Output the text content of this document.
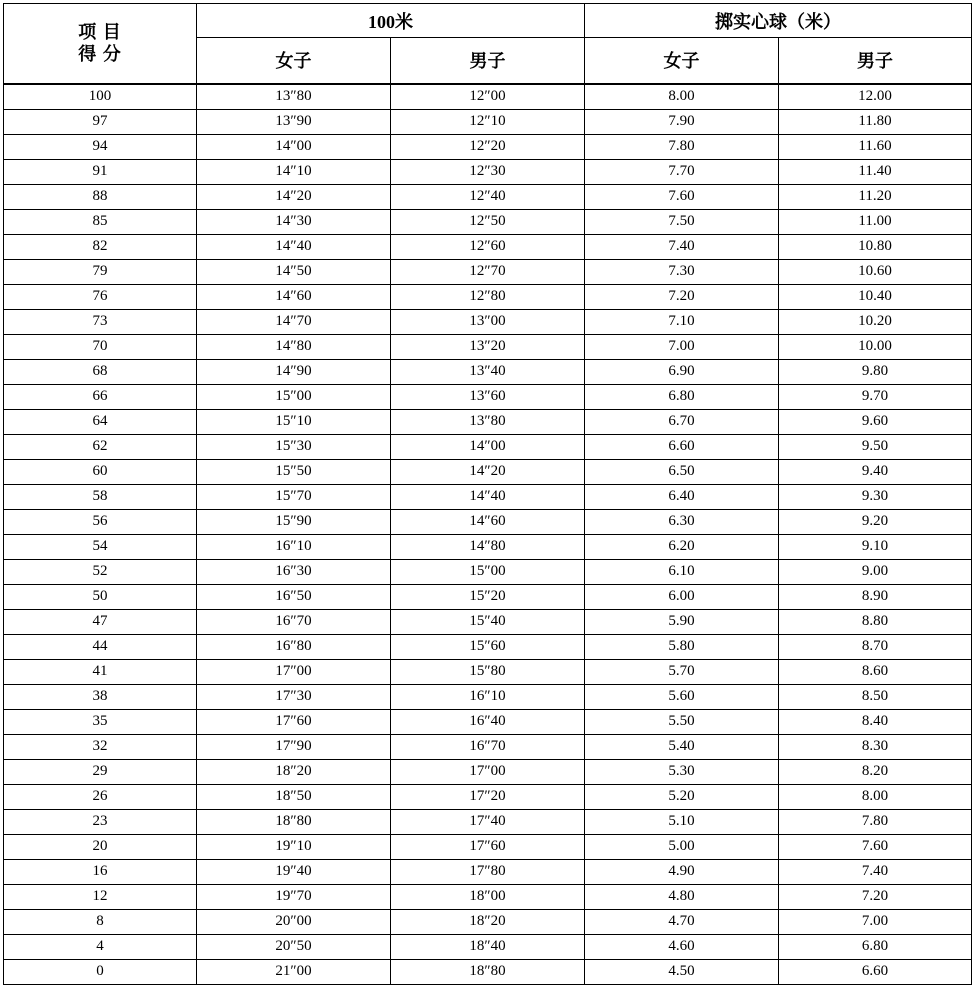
项 目
得 分	100米		掷实心球（米）	
	女子	男子	女子	男子
100	13″80	12″00	8.00	12.00
97	13″90	12″10	7.90	11.80
94	14″00	12″20	7.80	11.60
91	14″10	12″30	7.70	11.40
88	14″20	12″40	7.60	11.20
85	14″30	12″50	7.50	11.00
82	14″40	12″60	7.40	10.80
79	14″50	12″70	7.30	10.60
76	14″60	12″80	7.20	10.40
73	14″70	13″00	7.10	10.20
70	14″80	13″20	7.00	10.00
68	14″90	13″40	6.90	9.80
66	15″00	13″60	6.80	9.70
64	15″10	13″80	6.70	9.60
62	15″30	14″00	6.60	9.50
60	15″50	14″20	6.50	9.40
58	15″70	14″40	6.40	9.30
56	15″90	14″60	6.30	9.20
54	16″10	14″80	6.20	9.10
52	16″30	15″00	6.10	9.00
50	16″50	15″20	6.00	8.90
47	16″70	15″40	5.90	8.80
44	16″80	15″60	5.80	8.70
41	17″00	15″80	5.70	8.60
38	17″30	16″10	5.60	8.50
35	17″60	16″40	5.50	8.40
32	17″90	16″70	5.40	8.30
29	18″20	17″00	5.30	8.20
26	18″50	17″20	5.20	8.00
23	18″80	17″40	5.10	7.80
20	19″10	17″60	5.00	7.60
16	19″40	17″80	4.90	7.40
12	19″70	18″00	4.80	7.20
8	20″00	18″20	4.70	7.00
4	20″50	18″40	4.60	6.80
0	21″00	18″80	4.50	6.60
